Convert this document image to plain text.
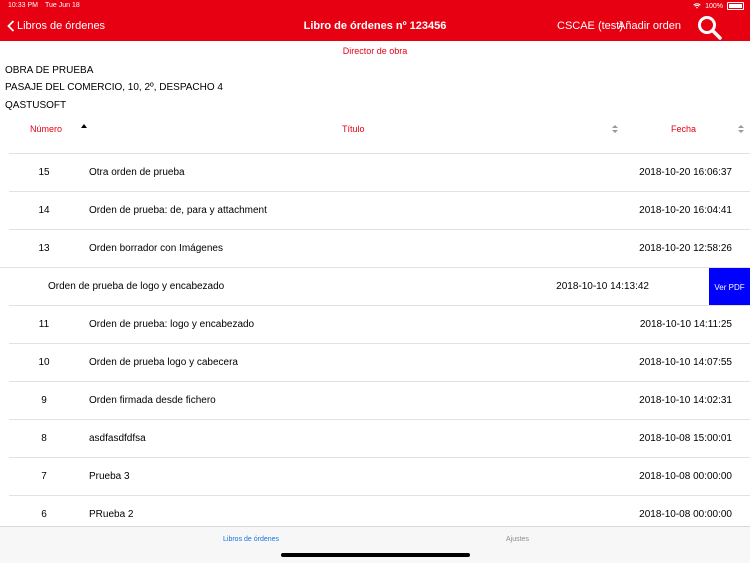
10:33 PM Tue Jun 18	100%
Libros de órdenes	Libro de órdenes nº 123456	CSCAE (test)
Añadir orden
Director de obra
OBRA DE PRUEBA
PASAJE DEL COMERCIO, 10, 2º, DESPACHO 4
QASTUSOFT
Número	Título	Fecha
15	Otra orden de prueba	2018-10-20 16:06:37
14	Orden de prueba: de, para y attachment	2018-10-20 16:04:41
13	Orden borrador con Imágenes	2018-10-20 12:58:26
Orden de prueba de logo y encabezado	2018-10-10 14:13:42	Ver PDF
11	Orden de prueba: logo y encabezado	2018-10-10 14:11:25
10	Orden de prueba logo y cabecera	2018-10-10 14:07:55
9	Orden firmada desde fichero	2018-10-10 14:02:31
8	asdfasdfdfsa	2018-10-08 15:00:01
7	Prueba 3	2018-10-08 00:00:00
6	PRueba 2	2018-10-08 00:00:00
Libros de órdenes	Ajustes
